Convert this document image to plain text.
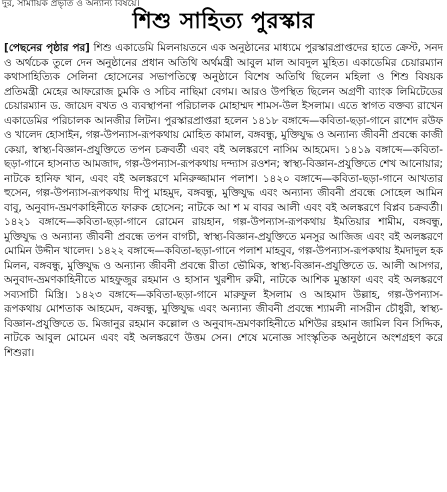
দুর, সামায়িক প্রভৃতি ও অন্যান্য বিষয়ে।
শিশু সাহিত্য পুরস্কার
[পেছনের পৃষ্ঠার পর] শিশু একাডেমি মিলনায়তনে এক অনুষ্ঠানের মাধ্যমে পুরস্কারপ্রাপ্তদের হাতে ক্রেস্ট, সনদ ও অর্থচেক তুলে দেন অনুষ্ঠানের প্রধান অতিথি অর্থমন্ত্রী আবুল মাল আবদুল মুহিত। একাডেমির চেয়ারম্যান কথাসাহিত্যিক সেলিনা হোসেনের সভাপতিত্বে অনুষ্ঠানে বিশেষ অতিথি ছিলেন মহিলা ও শিশু বিষয়ক প্রতিমন্ত্রী মেহের আফরোজ চুমকি ও সচিব নাছিমা বেগম। আরও উপস্থিত ছিলেন অগ্রণী ব্যাংক লিমিটেডের চেয়ারম্যান ড. জায়েদ বখত ও ব্যবস্থাপনা পরিচালক মোহাম্মদ শামস-উল ইসলাম। এতে স্বাগত বক্তব্য রাখেন একাডেমির পরিচালক আনজীর লিটন। পুরস্কারপ্রাপ্তরা হলেন ১৪১৮ বঙ্গাব্দে—কবিতা-ছড়া-গানে রাশেদ রউফ ও খালেদ হোসাইন, গল্প-উপন্যাস-রূপকথায় মোহিত কামাল, বঙ্গবন্ধু, মুক্তিযুদ্ধ ও অন্যান্য জীবনী প্রবন্ধে কাজী কেয়া, স্বাস্থ্য-বিজ্ঞান-প্রযুক্তিতে তপন চক্রবর্তী এবং বই অলঙ্করণে নাসিম আহমেদ। ১৪১৯ বঙ্গাব্দে—কবিতা-ছড়া-গানে হাসনাত আমজাদ, গল্প-উপন্যাস-রূপকথায় দন্দ্যাস রওশন; স্বাস্থ্য-বিজ্ঞান-প্রযুক্তিতে শেখ আনোয়ার; নাটকে হানিফ খান, এবং বই অলঙ্করণে মনিরুজ্জামান পলাশ। ১৪২০ বঙ্গাব্দে—কবিতা-ছড়া-গানে আখতার হুসেন, গল্প-উপন্যাস-রূপকথায় দীপু মাহমুদ, বঙ্গবন্ধু, মুক্তিযুদ্ধ এবং অন্যান্য জীবনী প্রবন্ধে সোহেল আমিন বাবু, অনুবাদ-ভ্রমণকাহিনীতে ফারুক হোসেন; নাটকে আ শ ম বাবর আলী এবং বই অলঙ্করণে বিপ্লব চক্রবর্তী। ১৪২১ বঙ্গাব্দে—কবিতা-ছড়া-গানে রোমেন রায়হান, গল্প-উপন্যাস-রূপকথায় ইমতিয়ার শামীম, বঙ্গবন্ধু, মুক্তিযুদ্ধ ও অন্যান্য জীবনী প্রবন্ধে তপন বাগচী, স্বাস্থ্য-বিজ্ঞান-প্রযুক্তিতে মনসুর আজিজ এবং বই অলঙ্করণে মোমিন উদ্দীন খালেদ। ১৪২২ বঙ্গাব্দে—কবিতা-ছড়া-গানে পলাশ মাহবুব, গল্প-উপন্যাস-রূপকথায় ইমদাদুল হক মিলন, বঙ্গবন্ধু, মুক্তিযুদ্ধ ও অন্যান্য জীবনী প্রবন্ধে রীতা ভৌমিক, স্বাস্থ্য-বিজ্ঞান-প্রযুক্তিতে ড. আলী আসগর, অনুবাদ-ভ্রমণকাহিনীতে মাহফুজুর রহমান ও হাসান খুরশীদ রুমী, নাটকে আশিক মুস্তাফা এবং বই অলঙ্করণে সব্যসাচী মিস্ত্রি। ১৪২৩ বঙ্গাব্দে—কবিতা-ছড়া-গানে মারুফুল ইসলাম ও আহমাদ উল্লাহ, গল্প-উপন্যাস-রূপকথায় মোশতাক আহমেদ, বঙ্গবন্ধু, মুক্তিযুদ্ধ এবং অন্যান্য জীবনী প্রবন্ধে শ্যামলী নাসরীন চৌধুরী, স্বাস্থ্য-বিজ্ঞান-প্রযুক্তিতে ড. মিজানুর রহমান কল্লোল ও অনুবাদ-ভ্রমণকাহিনীতে মশিউর রহমান জামিল বিন সিদ্দিক, নাটকে আবুল মোমেন এবং বই অলঙ্করণে উত্তম সেন। শেষে মনোজ্ঞ সাংস্কৃতিক অনুষ্ঠানে অংশগ্রহণ করে শিশুরা।
